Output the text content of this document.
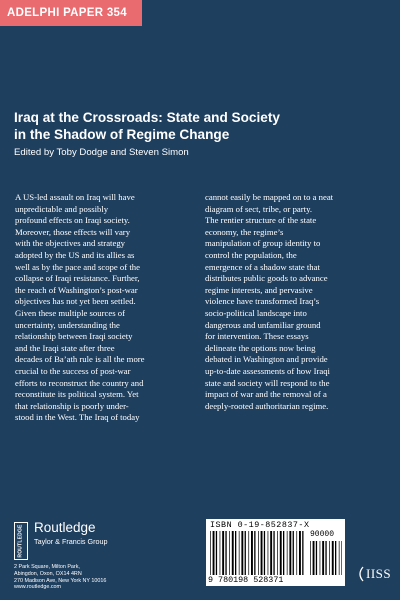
ADELPHI PAPER 354
Iraq at the Crossroads: State and Society
in the Shadow of Regime Change
Edited by Toby Dodge and Steven Simon
A US-led assault on Iraq will have
unpredictable and possibly
profound effects on Iraqi society.
Moreover, those effects will vary
with the objectives and strategy
adopted by the US and its allies as
well as by the pace and scope of the
collapse of Iraqi resistance. Further,
the reach of Washington’s post-war
objectives has not yet been settled.
Given these multiple sources of
uncertainty, understanding the
relationship between Iraqi society
and the Iraqi state after three
decades of Ba’ath rule is all the more
crucial to the success of post-war
efforts to reconstruct the country and
reconstitute its political system. Yet
that relationship is poorly under-
stood in the West. The Iraq of today
cannot easily be mapped on to a neat
diagram of sect, tribe, or party.
The rentier structure of the state
economy, the regime’s
manipulation of group identity to
control the population, the
emergence of a shadow state that
distributes public goods to advance
regime interests, and pervasive
violence have transformed Iraq’s
socio-political landscape into
dangerous and unfamiliar ground
for intervention. These essays
delineate the options now being
debated in Washington and provide
up-to-date assessments of how Iraqi
state and society will respond to the
impact of war and the removal of a
deeply-rooted authoritarian regime.
ISBN 0-19-852837-X
90000
9 780198 528371
ROUTLEDGE Routledge
Taylor & Francis Group
2 Park Square, Milton Park,
Abingdon, Oxon, OX14 4RN
270 Madison Ave, New York NY 10016
www.routledge.com
IISS
